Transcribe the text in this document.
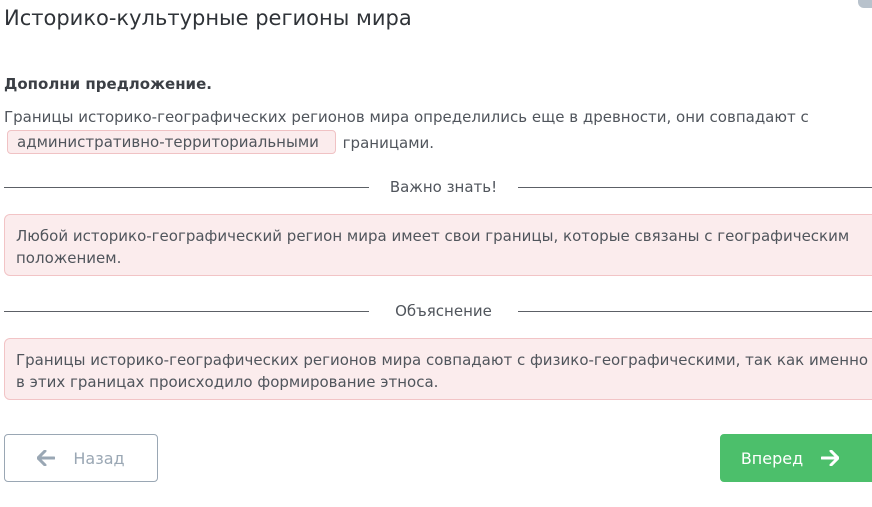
Историко-культурные регионы мира
Дополни предложение.
Границы историко-географических регионов мира определились еще в древности, они совпадают с
административно-территориальными границами.
Важно знать!
Любой историко-географический регион мира имеет свои границы, которые связаны с географическим положением.
Объяснение
Границы историко-географических регионов мира совпадают с физико-географическими, так как именно в этих границах происходило формирование этноса.
Назад	Вперед
